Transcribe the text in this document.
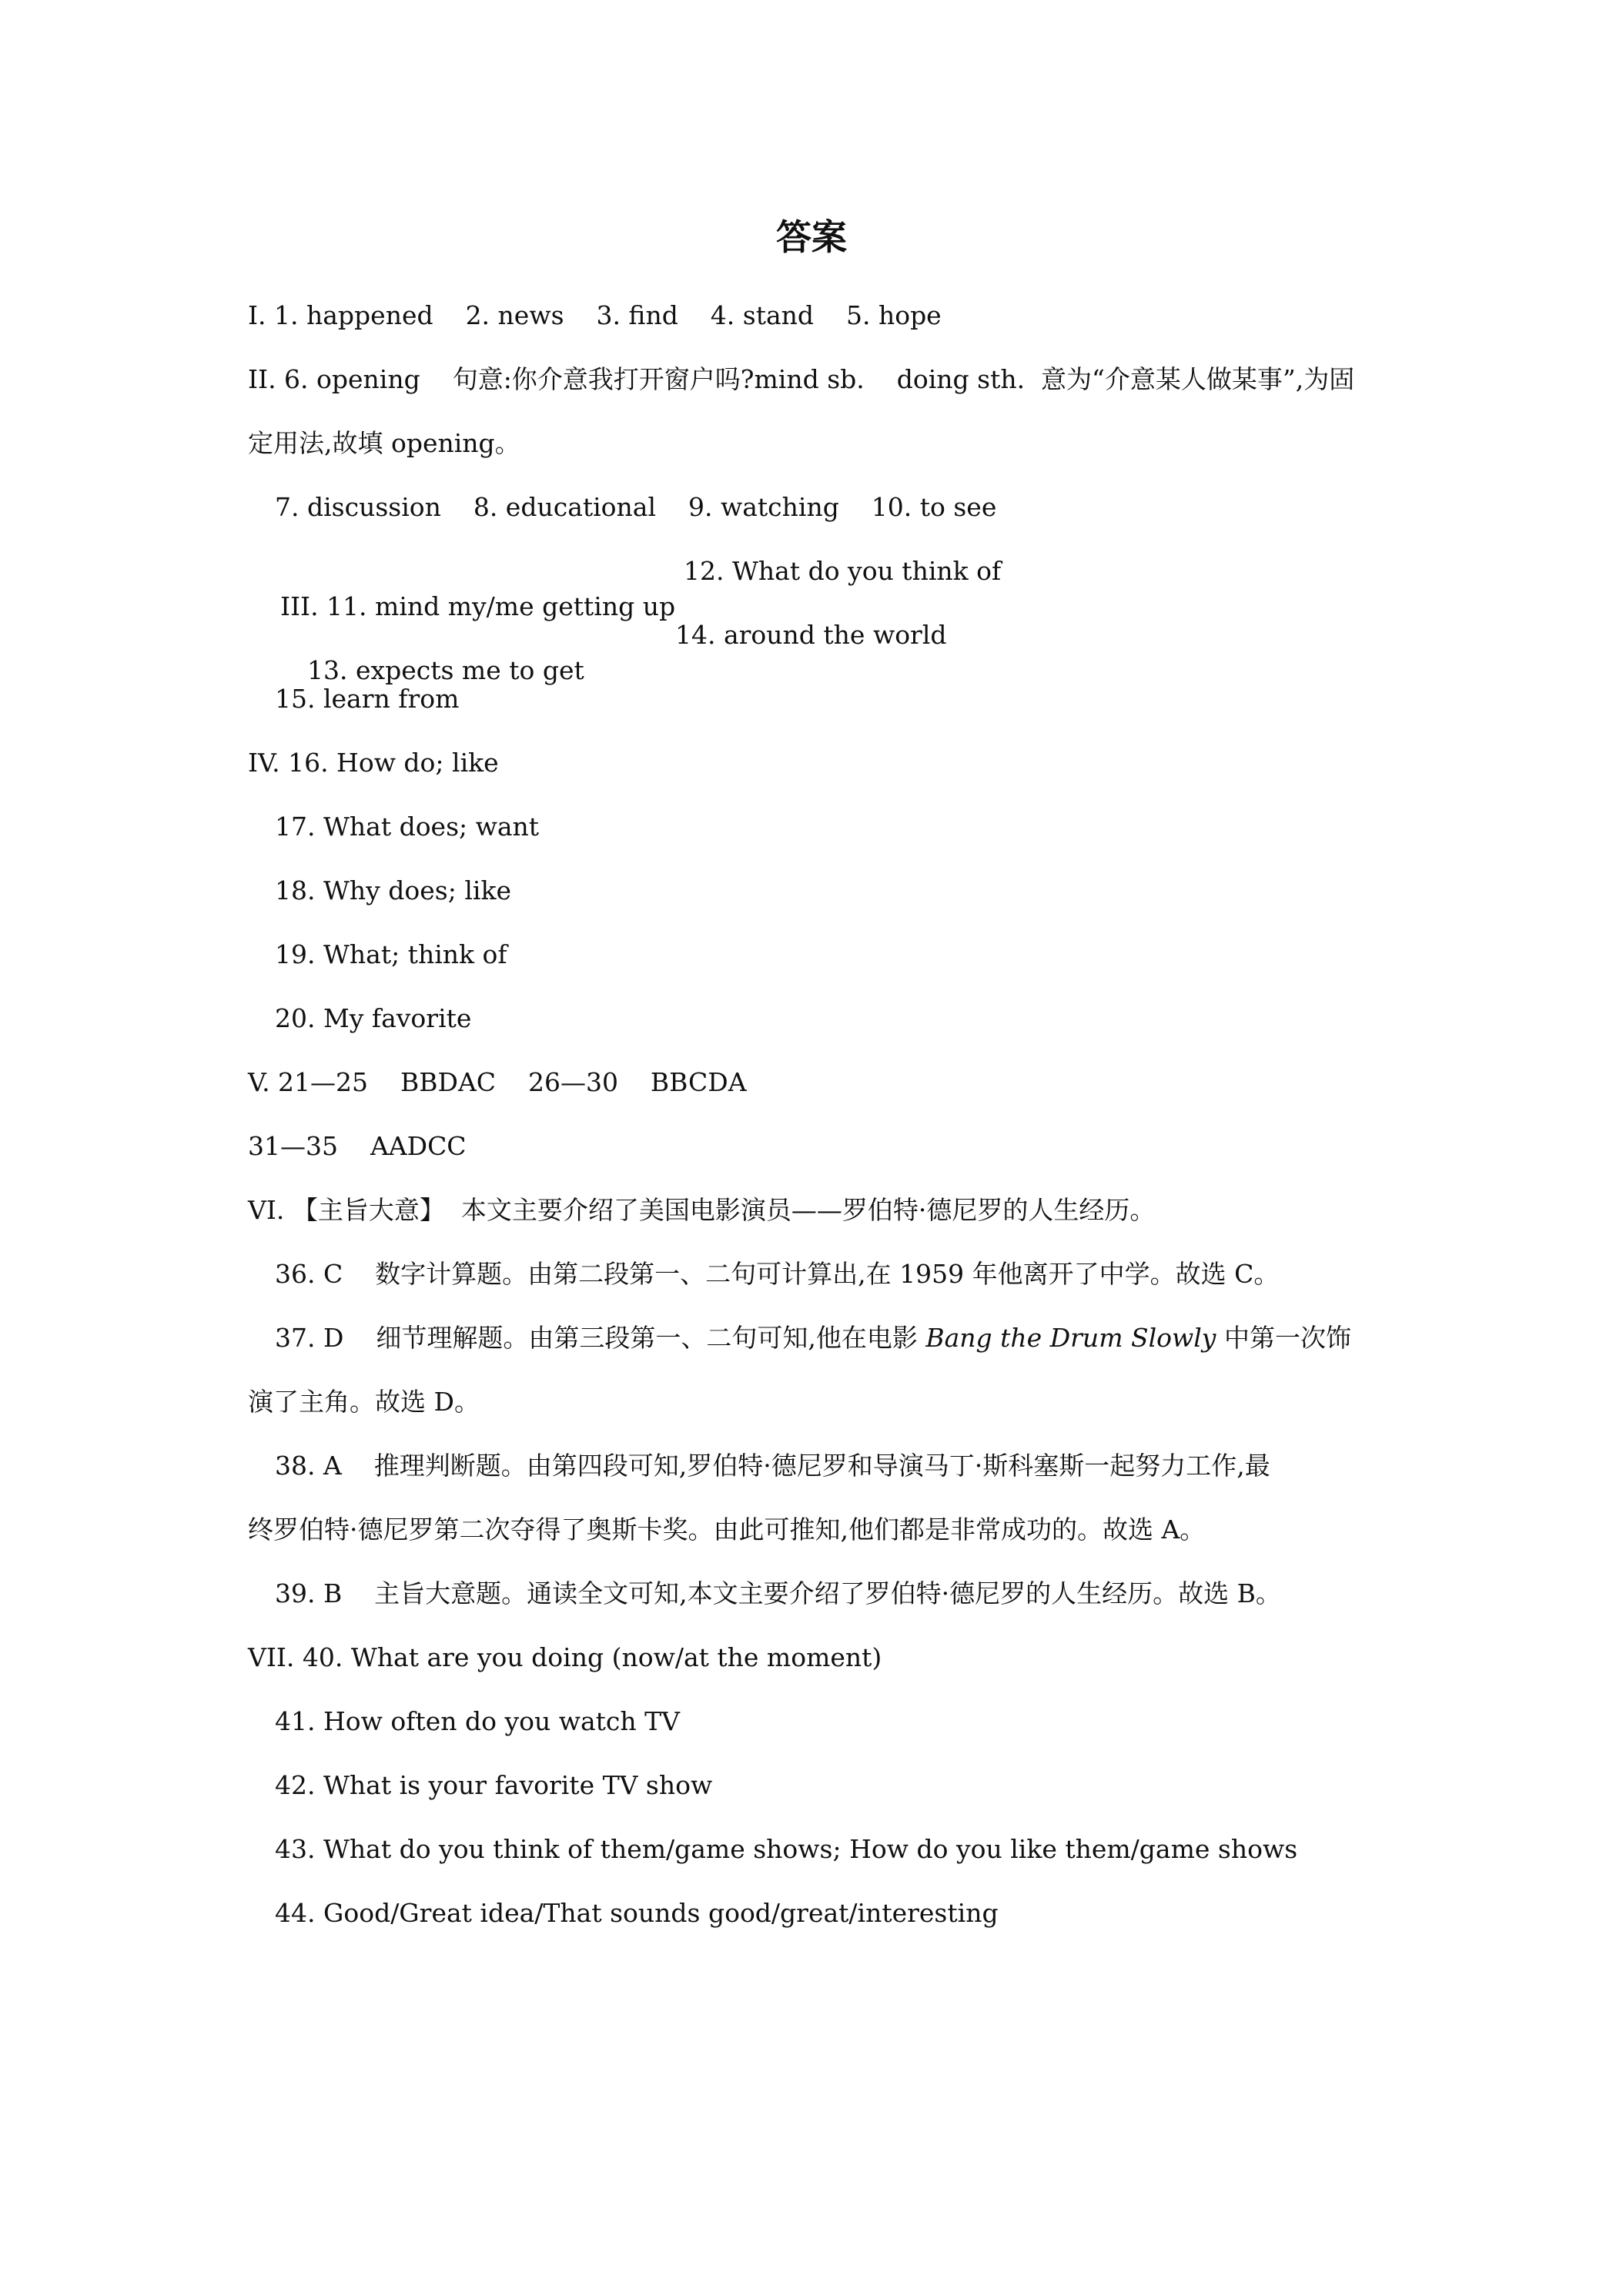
答案
I. 1. happened    2. news    3. find    4. stand    5. hope
II. 6. opening    句意:你介意我打开窗户吗?mind sb.    doing sth.  意为“介意某人做某事”,为固
定用法,故填 opening。
7. discussion    8. educational    9. watching    10. to see

III. 11. mind my/me getting up
12. What do you think of

13. expects me to get
14. around the world

15. learn from
IV. 16. How do; like
17. What does; want
18. Why does; like
19. What; think of
20. My favorite
V. 21—25    BBDAC    26—30    BBCDA
31—35    AADCC
VI. 【主旨大意】  本文主要介绍了美国电影演员——罗伯特·德尼罗的人生经历。
36. C    数字计算题。由第二段第一、二句可计算出,在 1959 年他离开了中学。故选 C。
37. D    细节理解题。由第三段第一、二句可知,他在电影 Bang the Drum Slowly 中第一次饰
演了主角。故选 D。
38. A    推理判断题。由第四段可知,罗伯特·德尼罗和导演马丁·斯科塞斯一起努力工作,最
终罗伯特·德尼罗第二次夺得了奥斯卡奖。由此可推知,他们都是非常成功的。故选 A。
39. B    主旨大意题。通读全文可知,本文主要介绍了罗伯特·德尼罗的人生经历。故选 B。
VII. 40. What are you doing (now/at the moment)
41. How often do you watch TV
42. What is your favorite TV show
43. What do you think of them/game shows; How do you like them/game shows
44. Good/Great idea/That sounds good/great/interesting
